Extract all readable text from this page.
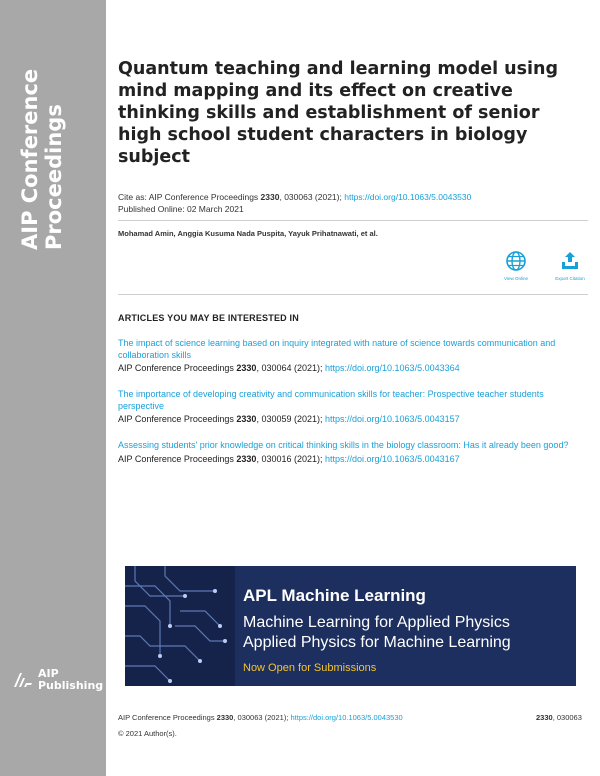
AIP Conference Proceedings
AIP
Publishing
Quantum teaching and learning model using mind mapping and its effect on creative thinking skills and establishment of senior high school student characters in biology subject
Cite as: AIP Conference Proceedings 2330, 030063 (2021); https://doi.org/10.1063/5.0043530
Published Online: 02 March 2021
Mohamad Amin, Anggia Kusuma Nada Puspita, Yayuk Prihatnawati, et al.
View Online	Export Citation
ARTICLES YOU MAY BE INTERESTED IN
The impact of science learning based on inquiry integrated with nature of science towards communication and collaboration skills
AIP Conference Proceedings 2330, 030064 (2021); https://doi.org/10.1063/5.0043364
The importance of developing creativity and communication skills for teacher: Prospective teacher students perspective
AIP Conference Proceedings 2330, 030059 (2021); https://doi.org/10.1063/5.0043157
Assessing students' prior knowledge on critical thinking skills in the biology classroom: Has it already been good?
AIP Conference Proceedings 2330, 030016 (2021); https://doi.org/10.1063/5.0043167
APL Machine Learning
Machine Learning for Applied Physics
Applied Physics for Machine Learning
Now Open for Submissions
AIP Conference Proceedings 2330, 030063 (2021); https://doi.org/10.1063/5.0043530	2330, 030063
© 2021 Author(s).
